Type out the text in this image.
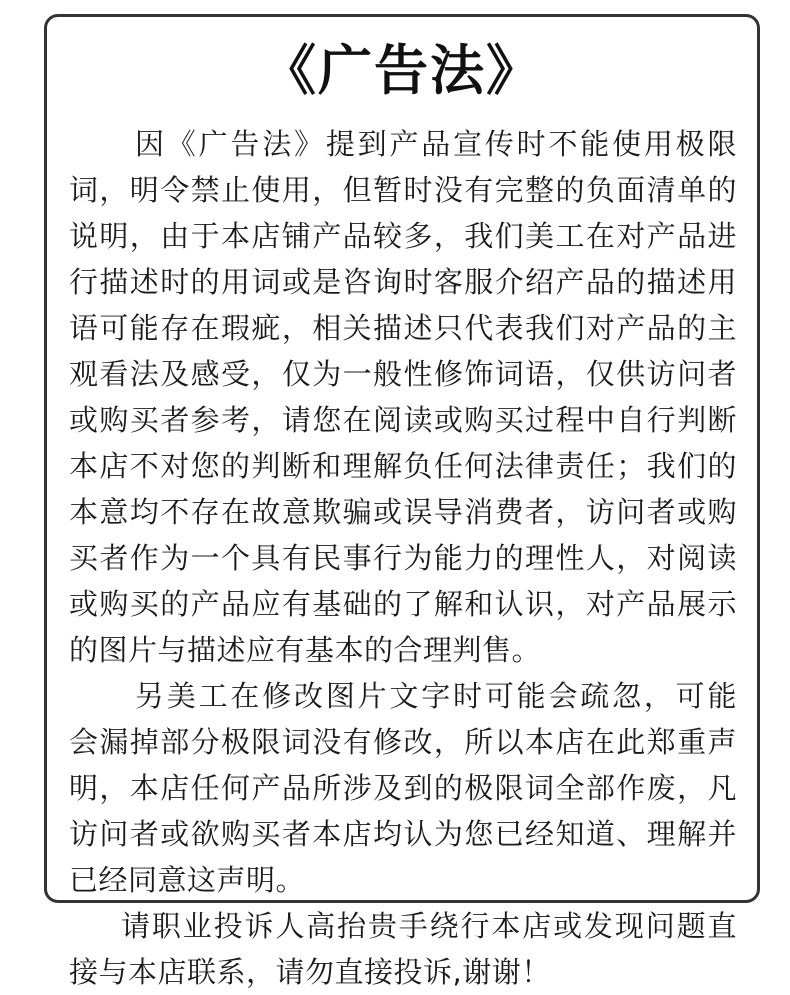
《广告法》
因《广告法》提到产品宣传时不能使用极限
词，明令禁止使用，但暂时没有完整的负面清单的
说明，由于本店铺产品较多，我们美工在对产品进
行描述时的用词或是咨询时客服介绍产品的描述用
语可能存在瑕疵，相关描述只代表我们对产品的主
观看法及感受，仅为一般性修饰词语，仅供访问者
或购买者参考，请您在阅读或购买过程中自行判断
本店不对您的判断和理解负任何法律责任；我们的
本意均不存在故意欺骗或误导消费者，访问者或购
买者作为一个具有民事行为能力的理性人，对阅读
或购买的产品应有基础的了解和认识，对产品展示
的图片与描述应有基本的合理判售。
另美工在修改图片文字时可能会疏忽，可能
会漏掉部分极限词没有修改，所以本店在此郑重声
明，本店任何产品所涉及到的极限词全部作废，凡
访问者或欲购买者本店均认为您已经知道、理解并
已经同意这声明。
请职业投诉人高抬贵手绕行本店或发现问题直
接与本店联系，请勿直接投诉,谢谢！
